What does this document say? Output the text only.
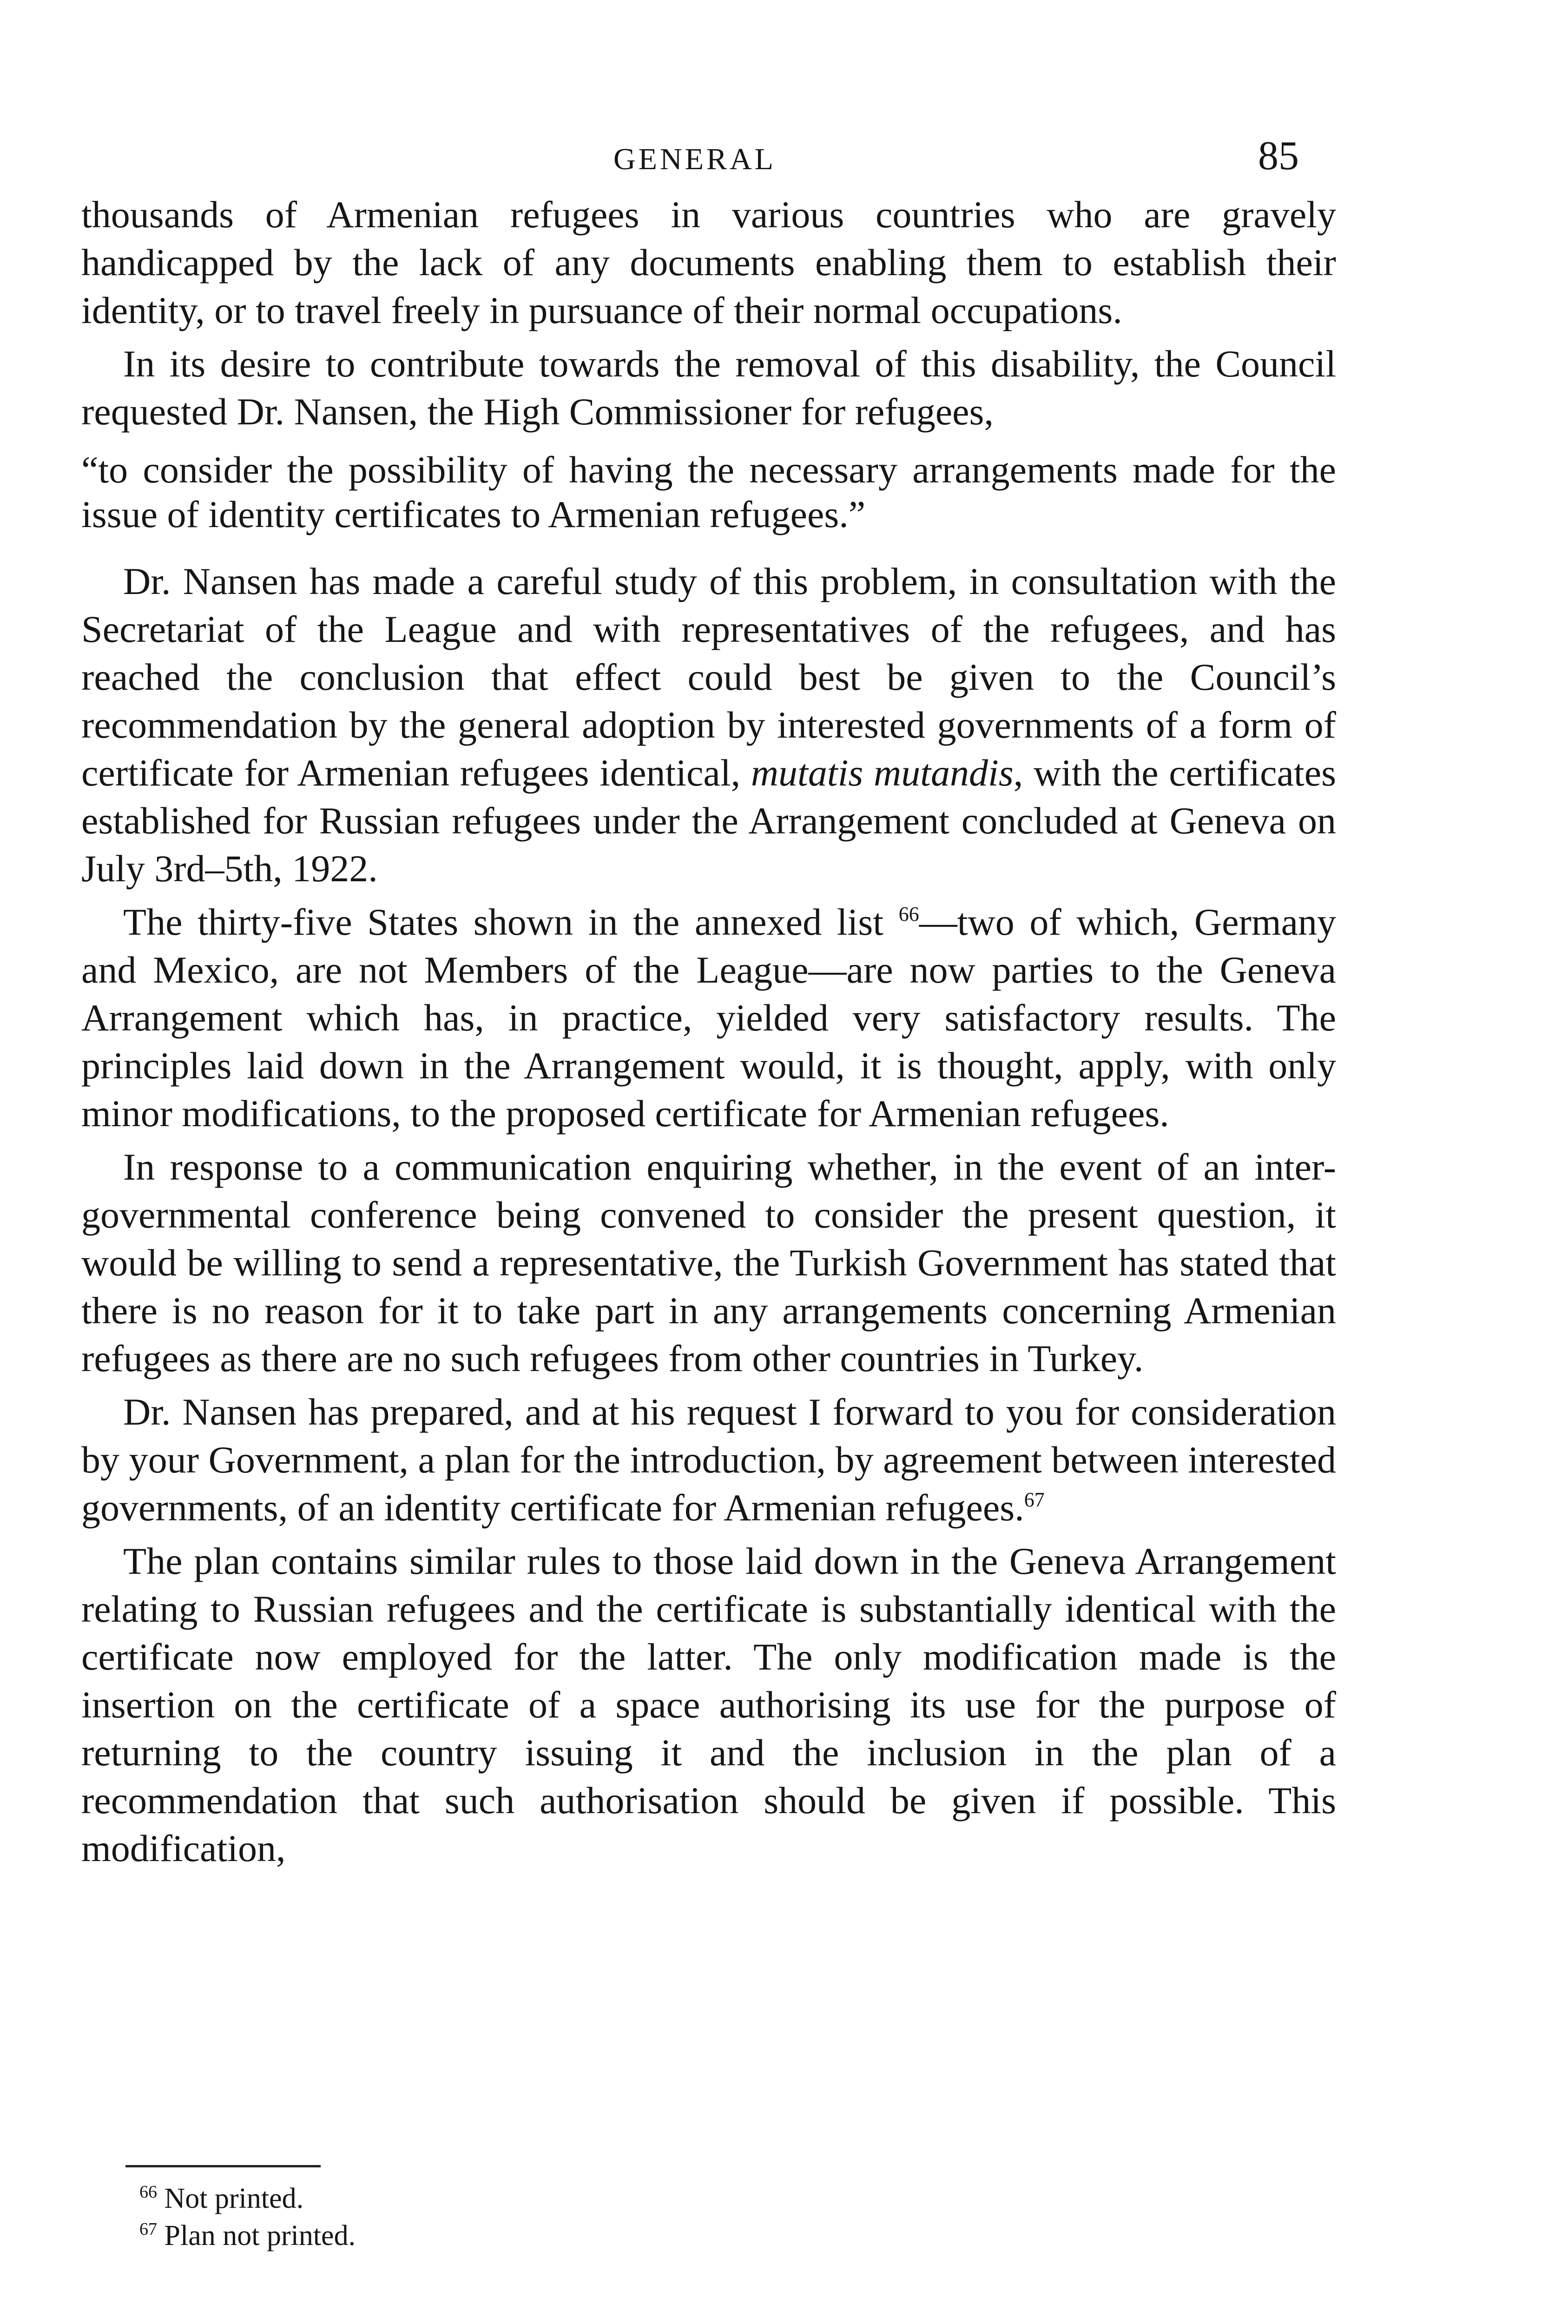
GENERAL	85

thousands of Armenian refugees in various countries who are gravely handicapped by the lack of any documents enabling them to establish their identity, or to travel freely in pursuance of their normal occupations.

In its desire to contribute towards the removal of this disability, the Council requested Dr. Nansen, the High Commissioner for refugees,

“to consider the possibility of having the necessary arrangements made for the issue of identity certificates to Armenian refugees.”

Dr. Nansen has made a careful study of this problem, in consultation with the Secretariat of the League and with representatives of the refugees, and has reached the conclusion that effect could best be given to the Council’s recommendation by the general adoption by interested governments of a form of certificate for Armenian refugees identical, mutatis mutandis, with the certificates established for Russian refugees under the Arrangement concluded at Geneva on July 3rd–5th, 1922.

The thirty-five States shown in the annexed list $^{66}$—two of which, Germany and Mexico, are not Members of the League—are now parties to the Geneva Arrangement which has, in practice, yielded very satisfactory results. The principles laid down in the Arrangement would, it is thought, apply, with only minor modifications, to the proposed certificate for Armenian refugees.

In response to a communication enquiring whether, in the event of an inter-governmental conference being convened to consider the present question, it would be willing to send a representative, the Turkish Government has stated that there is no reason for it to take part in any arrangements concerning Armenian refugees as there are no such refugees from other countries in Turkey.

Dr. Nansen has prepared, and at his request I forward to you for consideration by your Government, a plan for the introduction, by agreement between interested governments, of an identity certificate for Armenian refugees.$^{67}$

The plan contains similar rules to those laid down in the Geneva Arrangement relating to Russian refugees and the certificate is substantially identical with the certificate now employed for the latter. The only modification made is the insertion on the certificate of a space authorising its use for the purpose of returning to the country issuing it and the inclusion in the plan of a recommendation that such authorisation should be given if possible. This modification,

$^{66}$ Not printed.

$^{67}$ Plan not printed.
